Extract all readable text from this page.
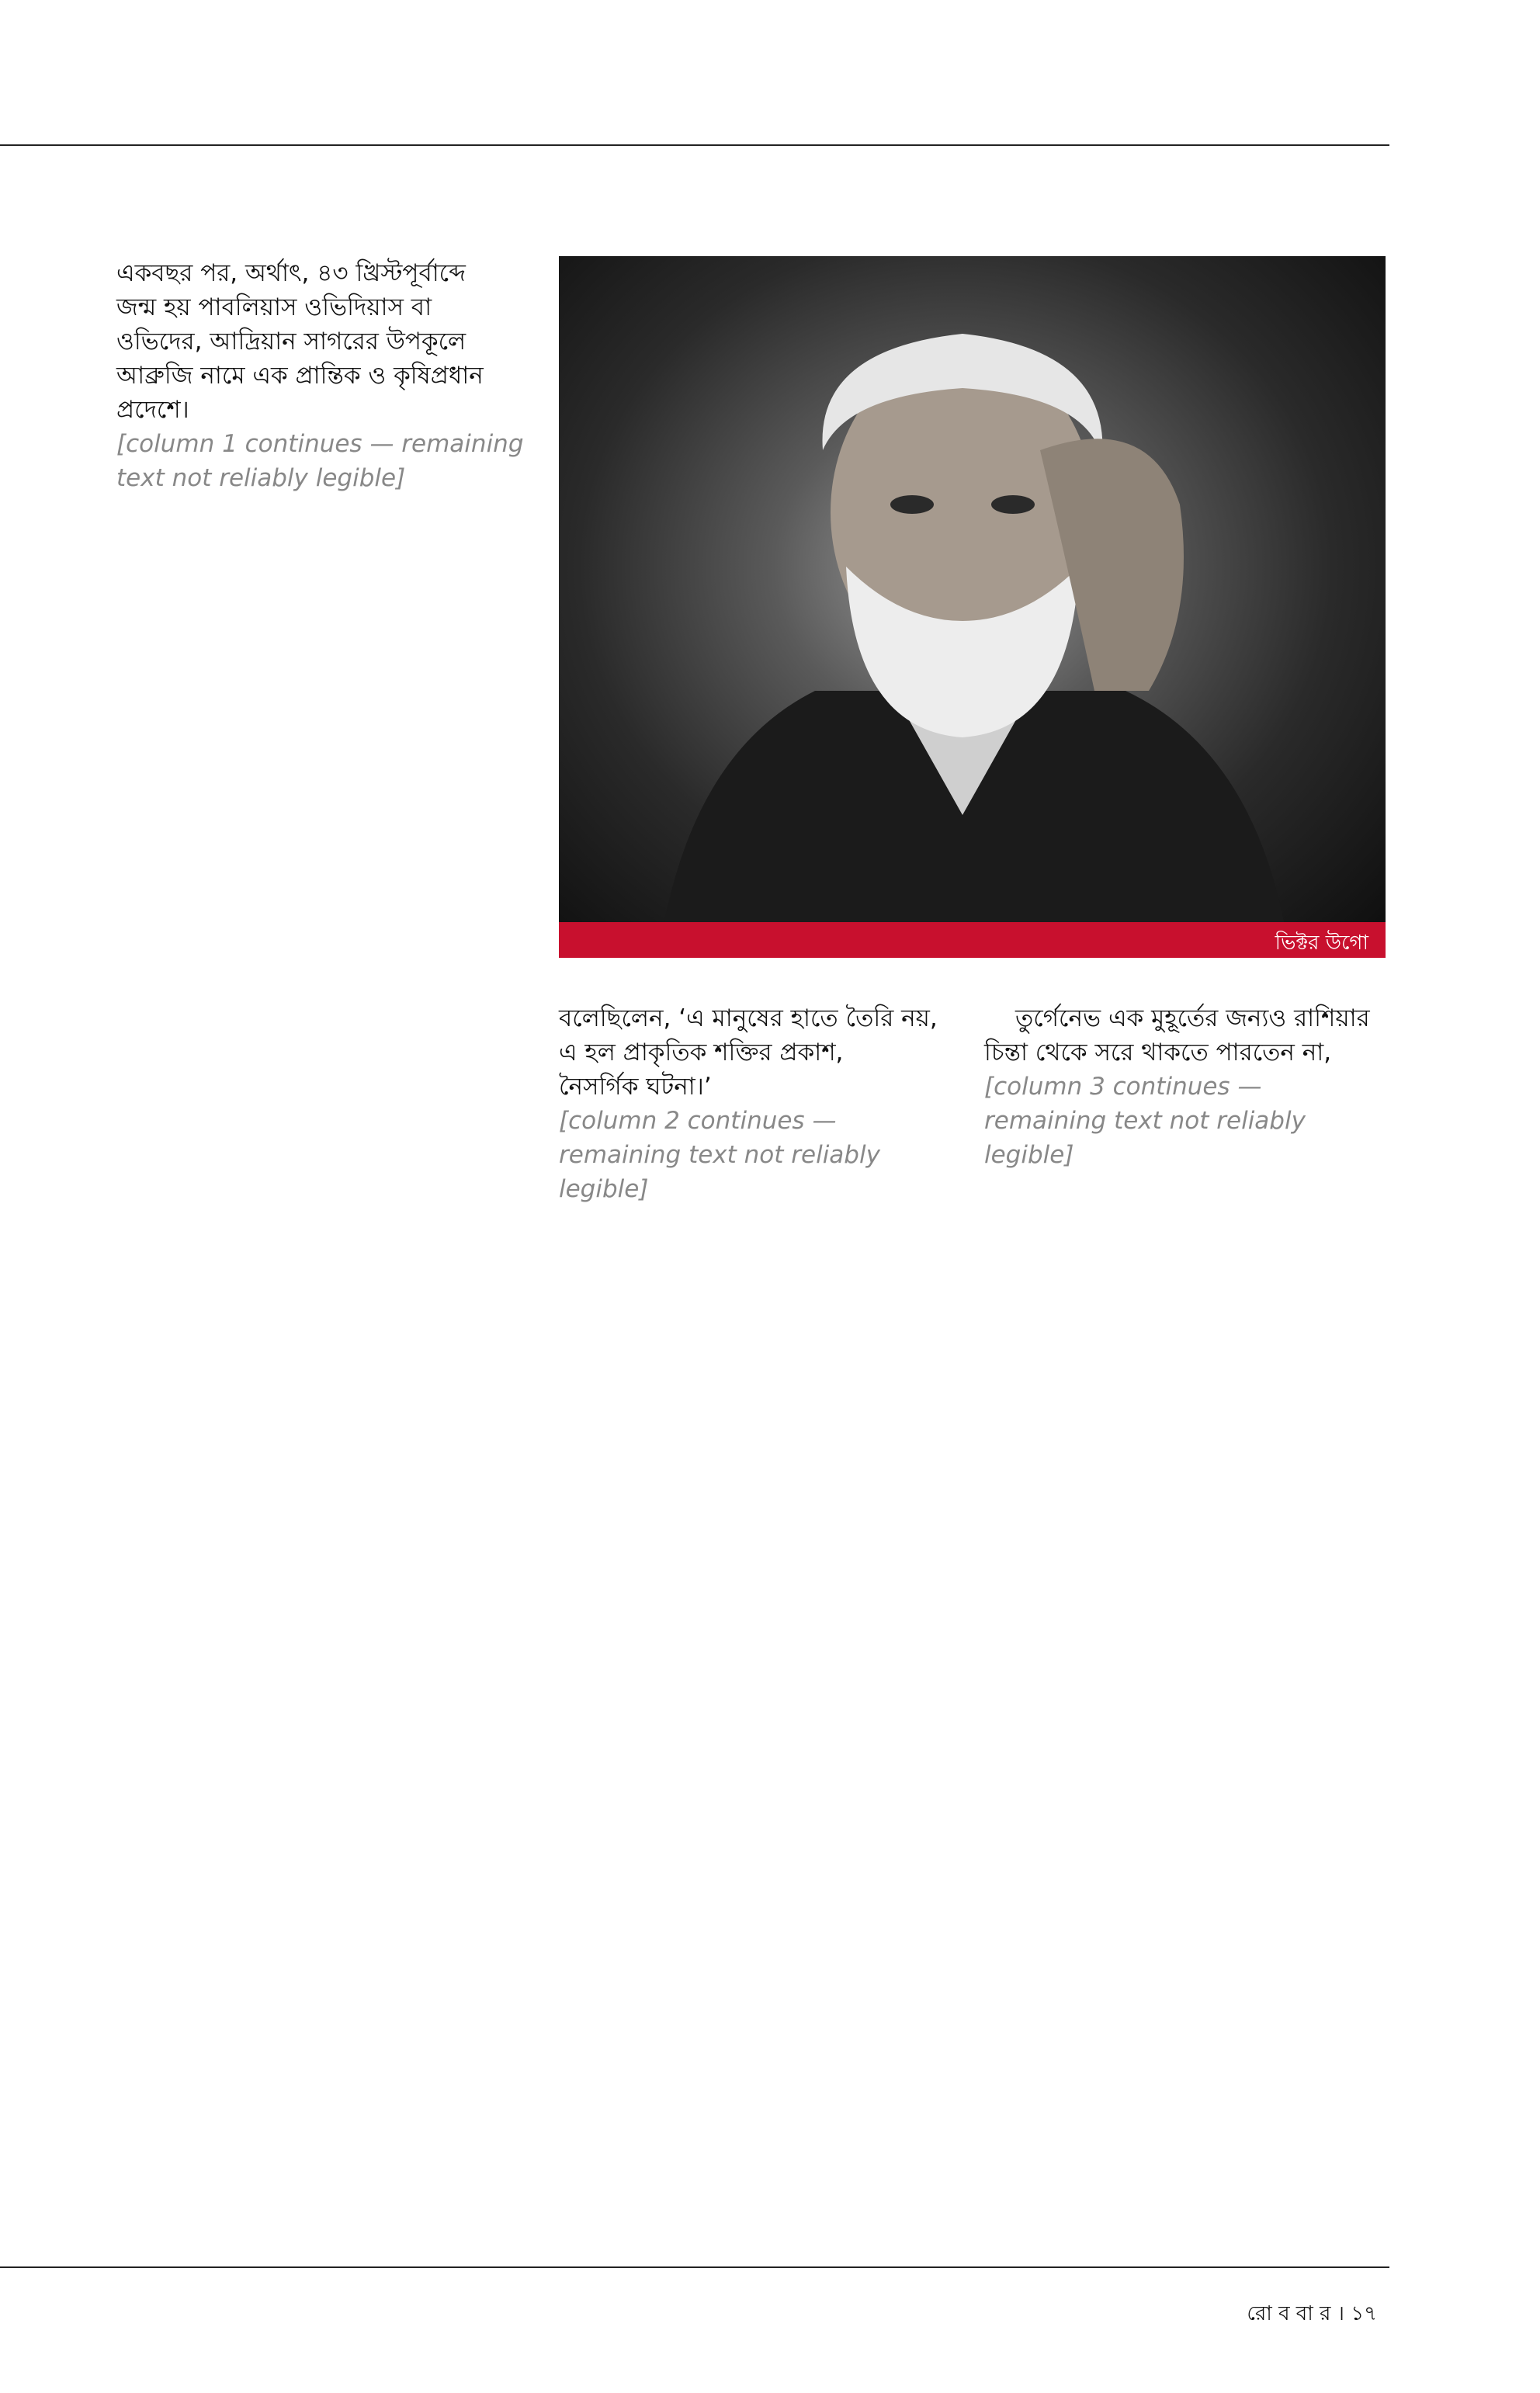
একবছর পর, অর্থাৎ, ৪৩ খ্রিস্টপূর্বাব্দে

জন্ম হয় পাবলিয়াস ওভিদিয়াস বা

ওভিদের, আদ্রিয়ান সাগরের উপকূলে

আব্রুজি নামে এক প্রান্তিক ও কৃষিপ্রধান

প্রদেশে।

[column 1 continues — remaining text not reliably legible]

ভিক্টর উগো

বলেছিলেন, ‘এ মানুষের হাতে তৈরি নয়,

এ হল প্রাকৃতিক শক্তির প্রকাশ,

নৈসর্গিক ঘটনা।’

[column 2 continues — remaining text not reliably legible]

তুর্গেনেভ এক মুহূর্তের জন্যও রাশিয়ার

চিন্তা থেকে সরে থাকতে পারতেন না,

[column 3 continues — remaining text not reliably legible]

রো ব বা র । ১৭
